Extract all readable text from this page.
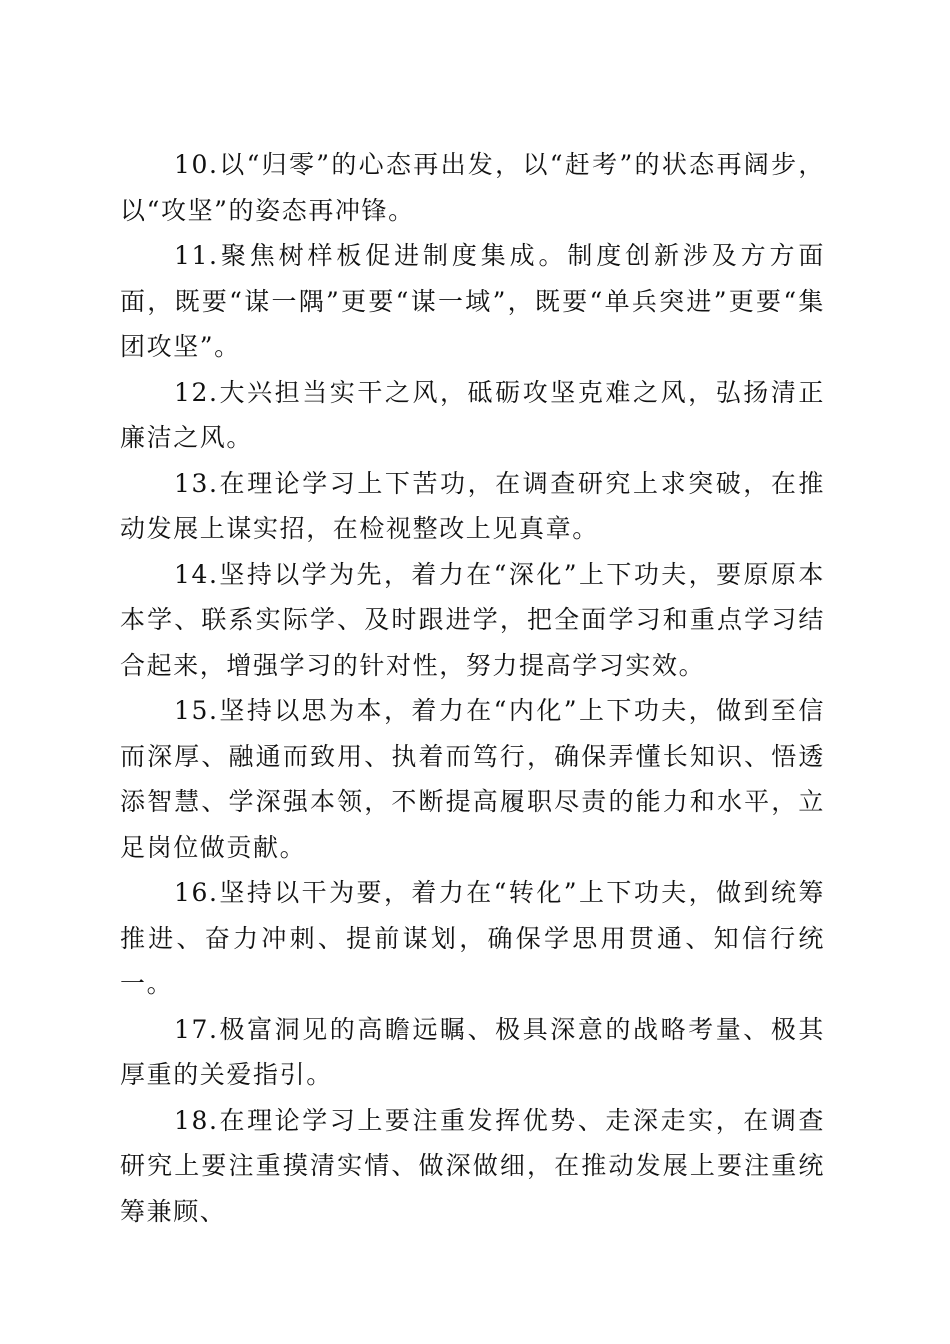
10.以“归零”的心态再出发，以“赶考”的状态再阔步，以“攻坚”的姿态再冲锋。

11.聚焦树样板促进制度集成。制度创新涉及方方面面，既要“谋一隅”更要“谋一域”，既要“单兵突进”更要“集团攻坚”。

12.大兴担当实干之风，砥砺攻坚克难之风，弘扬清正廉洁之风。

13.在理论学习上下苦功，在调查研究上求突破，在推动发展上谋实招，在检视整改上见真章。

14.坚持以学为先，着力在“深化”上下功夫，要原原本本学、联系实际学、及时跟进学，把全面学习和重点学习结合起来，增强学习的针对性，努力提高学习实效。

15.坚持以思为本，着力在“内化”上下功夫，做到至信而深厚、融通而致用、执着而笃行，确保弄懂长知识、悟透添智慧、学深强本领，不断提高履职尽责的能力和水平，立足岗位做贡献。

16.坚持以干为要，着力在“转化”上下功夫，做到统筹推进、奋力冲刺、提前谋划，确保学思用贯通、知信行统一。

17.极富洞见的高瞻远瞩、极具深意的战略考量、极其厚重的关爱指引。

18.在理论学习上要注重发挥优势、走深走实，在调查研究上要注重摸清实情、做深做细，在推动发展上要注重统筹兼顾、
